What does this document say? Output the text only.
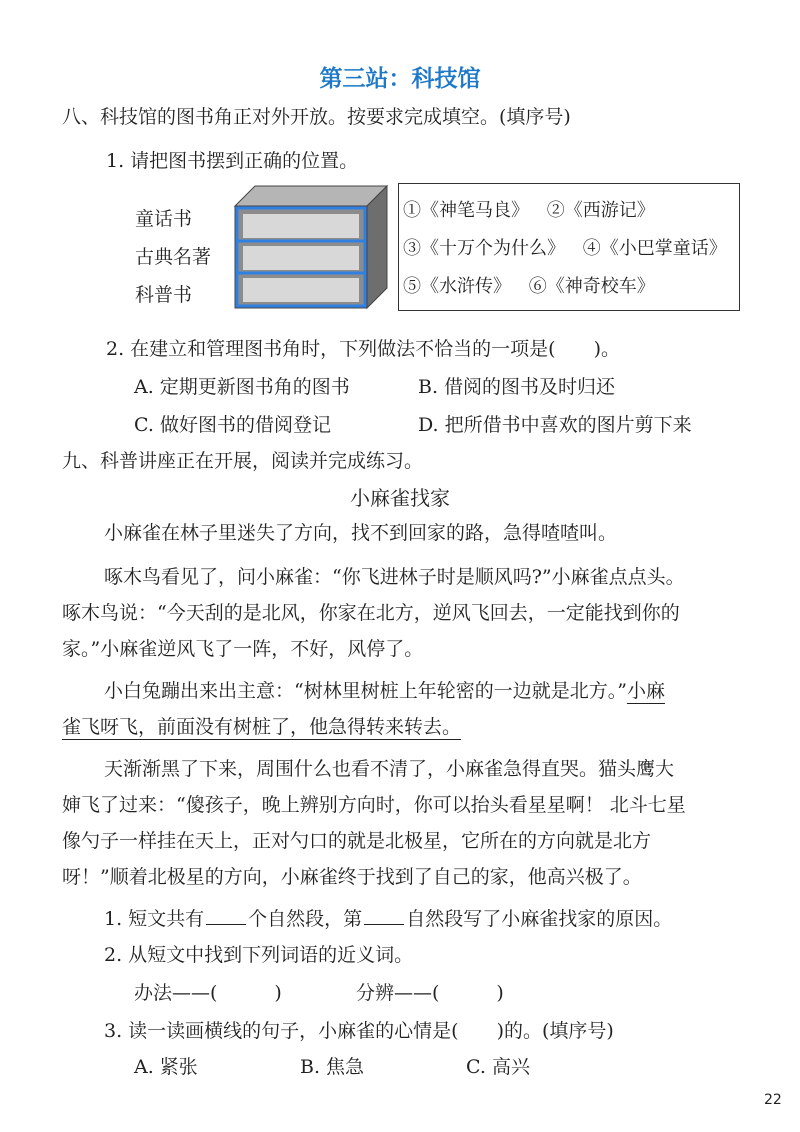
第三站：科技馆
八、科技馆的图书角正对外开放。按要求完成填空。(填序号)
1. 请把图书摆到正确的位置。
童话书
古典名著
科普书
①《神笔马良》 ②《西游记》
③《十万个为什么》 ④《小巴掌童话》
⑤《水浒传》 ⑥《神奇校车》
2. 在建立和管理图书角时，下列做法不恰当的一项是(　　)。
A. 定期更新图书角的图书	B. 借阅的图书及时归还
C. 做好图书的借阅登记	D. 把所借书中喜欢的图片剪下来
九、科普讲座正在开展，阅读并完成练习。
小麻雀找家
小麻雀在林子里迷失了方向，找不到回家的路，急得喳喳叫。
啄木鸟看见了，问小麻雀：“你飞进林子时是顺风吗?”小麻雀点点头。
啄木鸟说：“今天刮的是北风，你家在北方，逆风飞回去，一定能找到你的
家。”小麻雀逆风飞了一阵，不好，风停了。
小白兔蹦出来出主意：“树林里树桩上年轮密的一边就是北方。”小麻
雀飞呀飞，前面没有树桩了，他急得转来转去。
天渐渐黑了下来，周围什么也看不清了，小麻雀急得直哭。猫头鹰大
婶飞了过来：“傻孩子，晚上辨别方向时，你可以抬头看星星啊！ 北斗七星
像勺子一样挂在天上，正对勺口的就是北极星，它所在的方向就是北方
呀！”顺着北极星的方向，小麻雀终于找到了自己的家，他高兴极了。
1. 短文共有 个自然段，第 自然段写了小麻雀找家的原因。
2. 从短文中找到下列词语的近义词。
办法——(　　　)	分辨——(　　　)
3. 读一读画横线的句子，小麻雀的心情是(　　)的。(填序号)
A. 紧张	B. 焦急	C. 高兴
22
